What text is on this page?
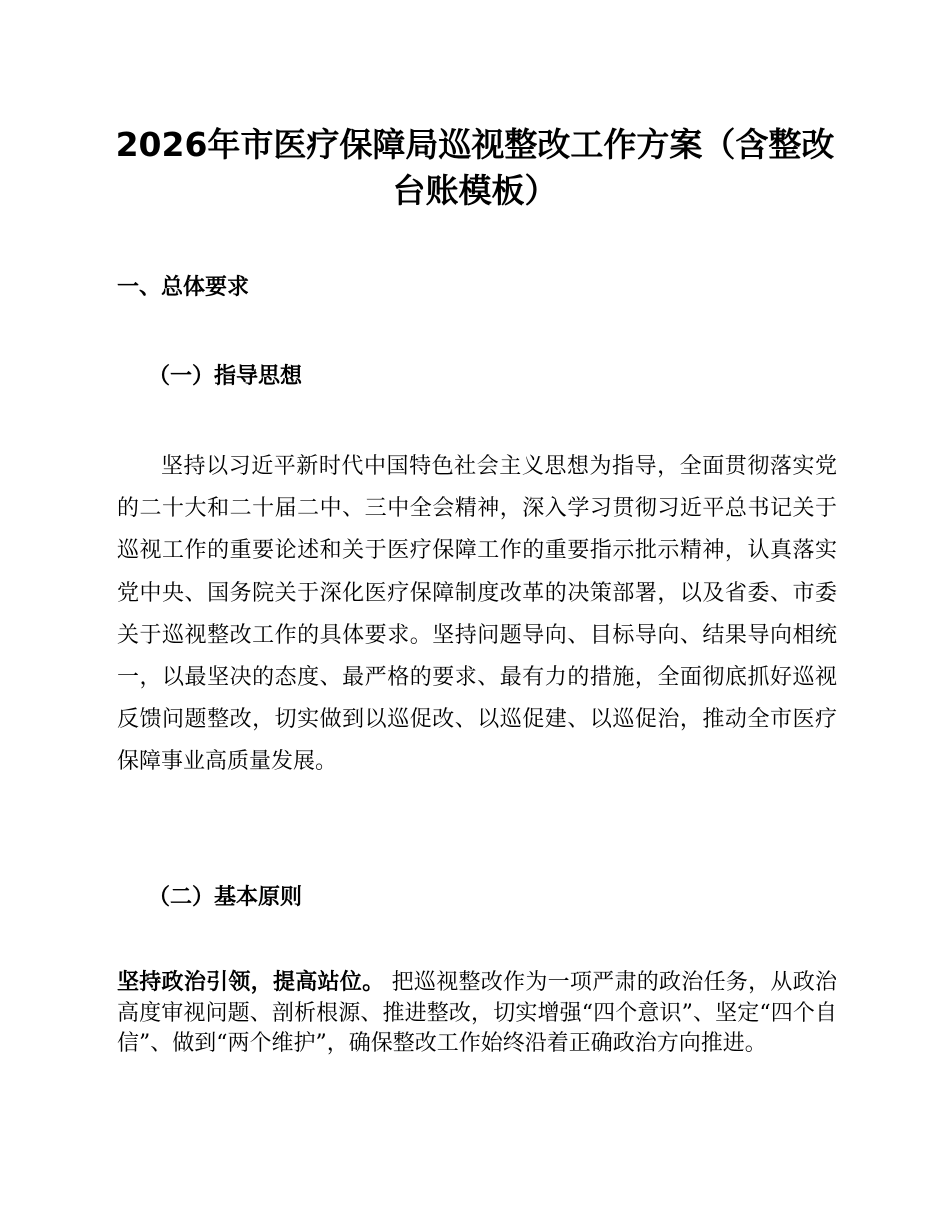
2026年市医疗保障局巡视整改工作方案（含整改台账模板）
一、总体要求
（一）指导思想

坚持以习近平新时代中国特色社会主义思想为指导，全面贯彻落实党的二十大和二十届二中、三中全会精神，深入学习贯彻习近平总书记关于巡视工作的重要论述和关于医疗保障工作的重要指示批示精神，认真落实党中央、国务院关于深化医疗保障制度改革的决策部署，以及省委、市委关于巡视整改工作的具体要求。坚持问题导向、目标导向、结果导向相统一，以最坚决的态度、最严格的要求、最有力的措施，全面彻底抓好巡视反馈问题整改，切实做到以巡促改、以巡促建、以巡促治，推动全市医疗保障事业高质量发展。

（二）基本原则

坚持政治引领，提高站位。 把巡视整改作为一项严肃的政治任务，从政治高度审视问题、剖析根源、推进整改，切实增强“四个意识”、坚定“四个自信”、做到“两个维护”，确保整改工作始终沿着正确政治方向推进。
